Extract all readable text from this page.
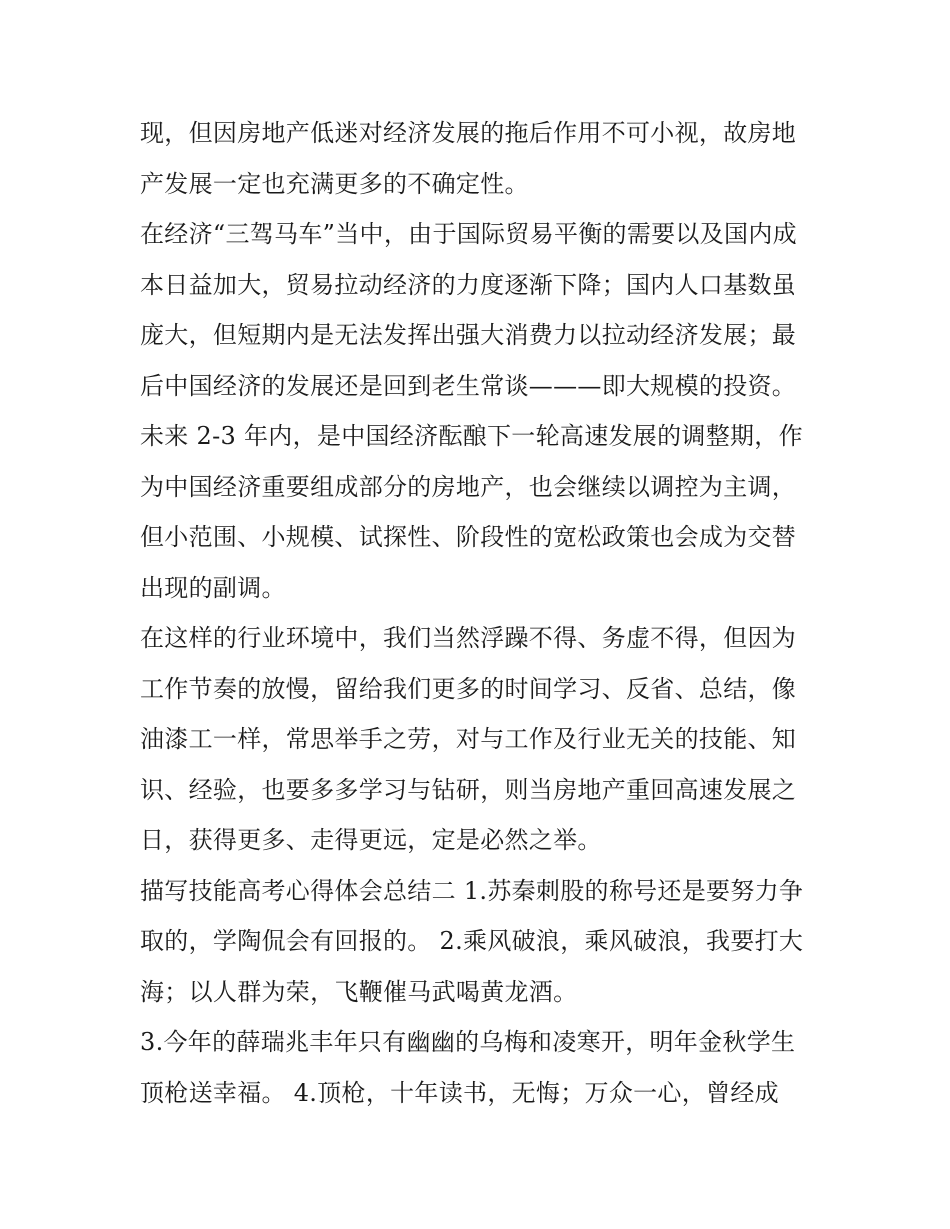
现，但因房地产低迷对经济发展的拖后作用不可小视，故房地
产发展一定也充满更多的不确定性。
在经济“三驾马车”当中，由于国际贸易平衡的需要以及国内成
本日益加大，贸易拉动经济的力度逐渐下降；国内人口基数虽
庞大，但短期内是无法发挥出强大消费力以拉动经济发展；最
后中国经济的发展还是回到老生常谈———即大规模的投资。
未来 2-3 年内，是中国经济酝酿下一轮高速发展的调整期，作
为中国经济重要组成部分的房地产，也会继续以调控为主调，
但小范围、小规模、试探性、阶段性的宽松政策也会成为交替
出现的副调。
在这样的行业环境中，我们当然浮躁不得、务虚不得，但因为
工作节奏的放慢，留给我们更多的时间学习、反省、总结，像
油漆工一样，常思举手之劳，对与工作及行业无关的技能、知
识、经验，也要多多学习与钻研，则当房地产重回高速发展之
日，获得更多、走得更远，定是必然之举。
描写技能高考心得体会总结二 1.苏秦刺股的称号还是要努力争
取的，学陶侃会有回报的。 2.乘风破浪，乘风破浪，我要打大
海；以人群为荣，飞鞭催马武喝黄龙酒。
3.今年的薛瑞兆丰年只有幽幽的乌梅和凌寒开，明年金秋学生
顶枪送幸福。 4.顶枪，十年读书，无悔；万众一心，曾经成
